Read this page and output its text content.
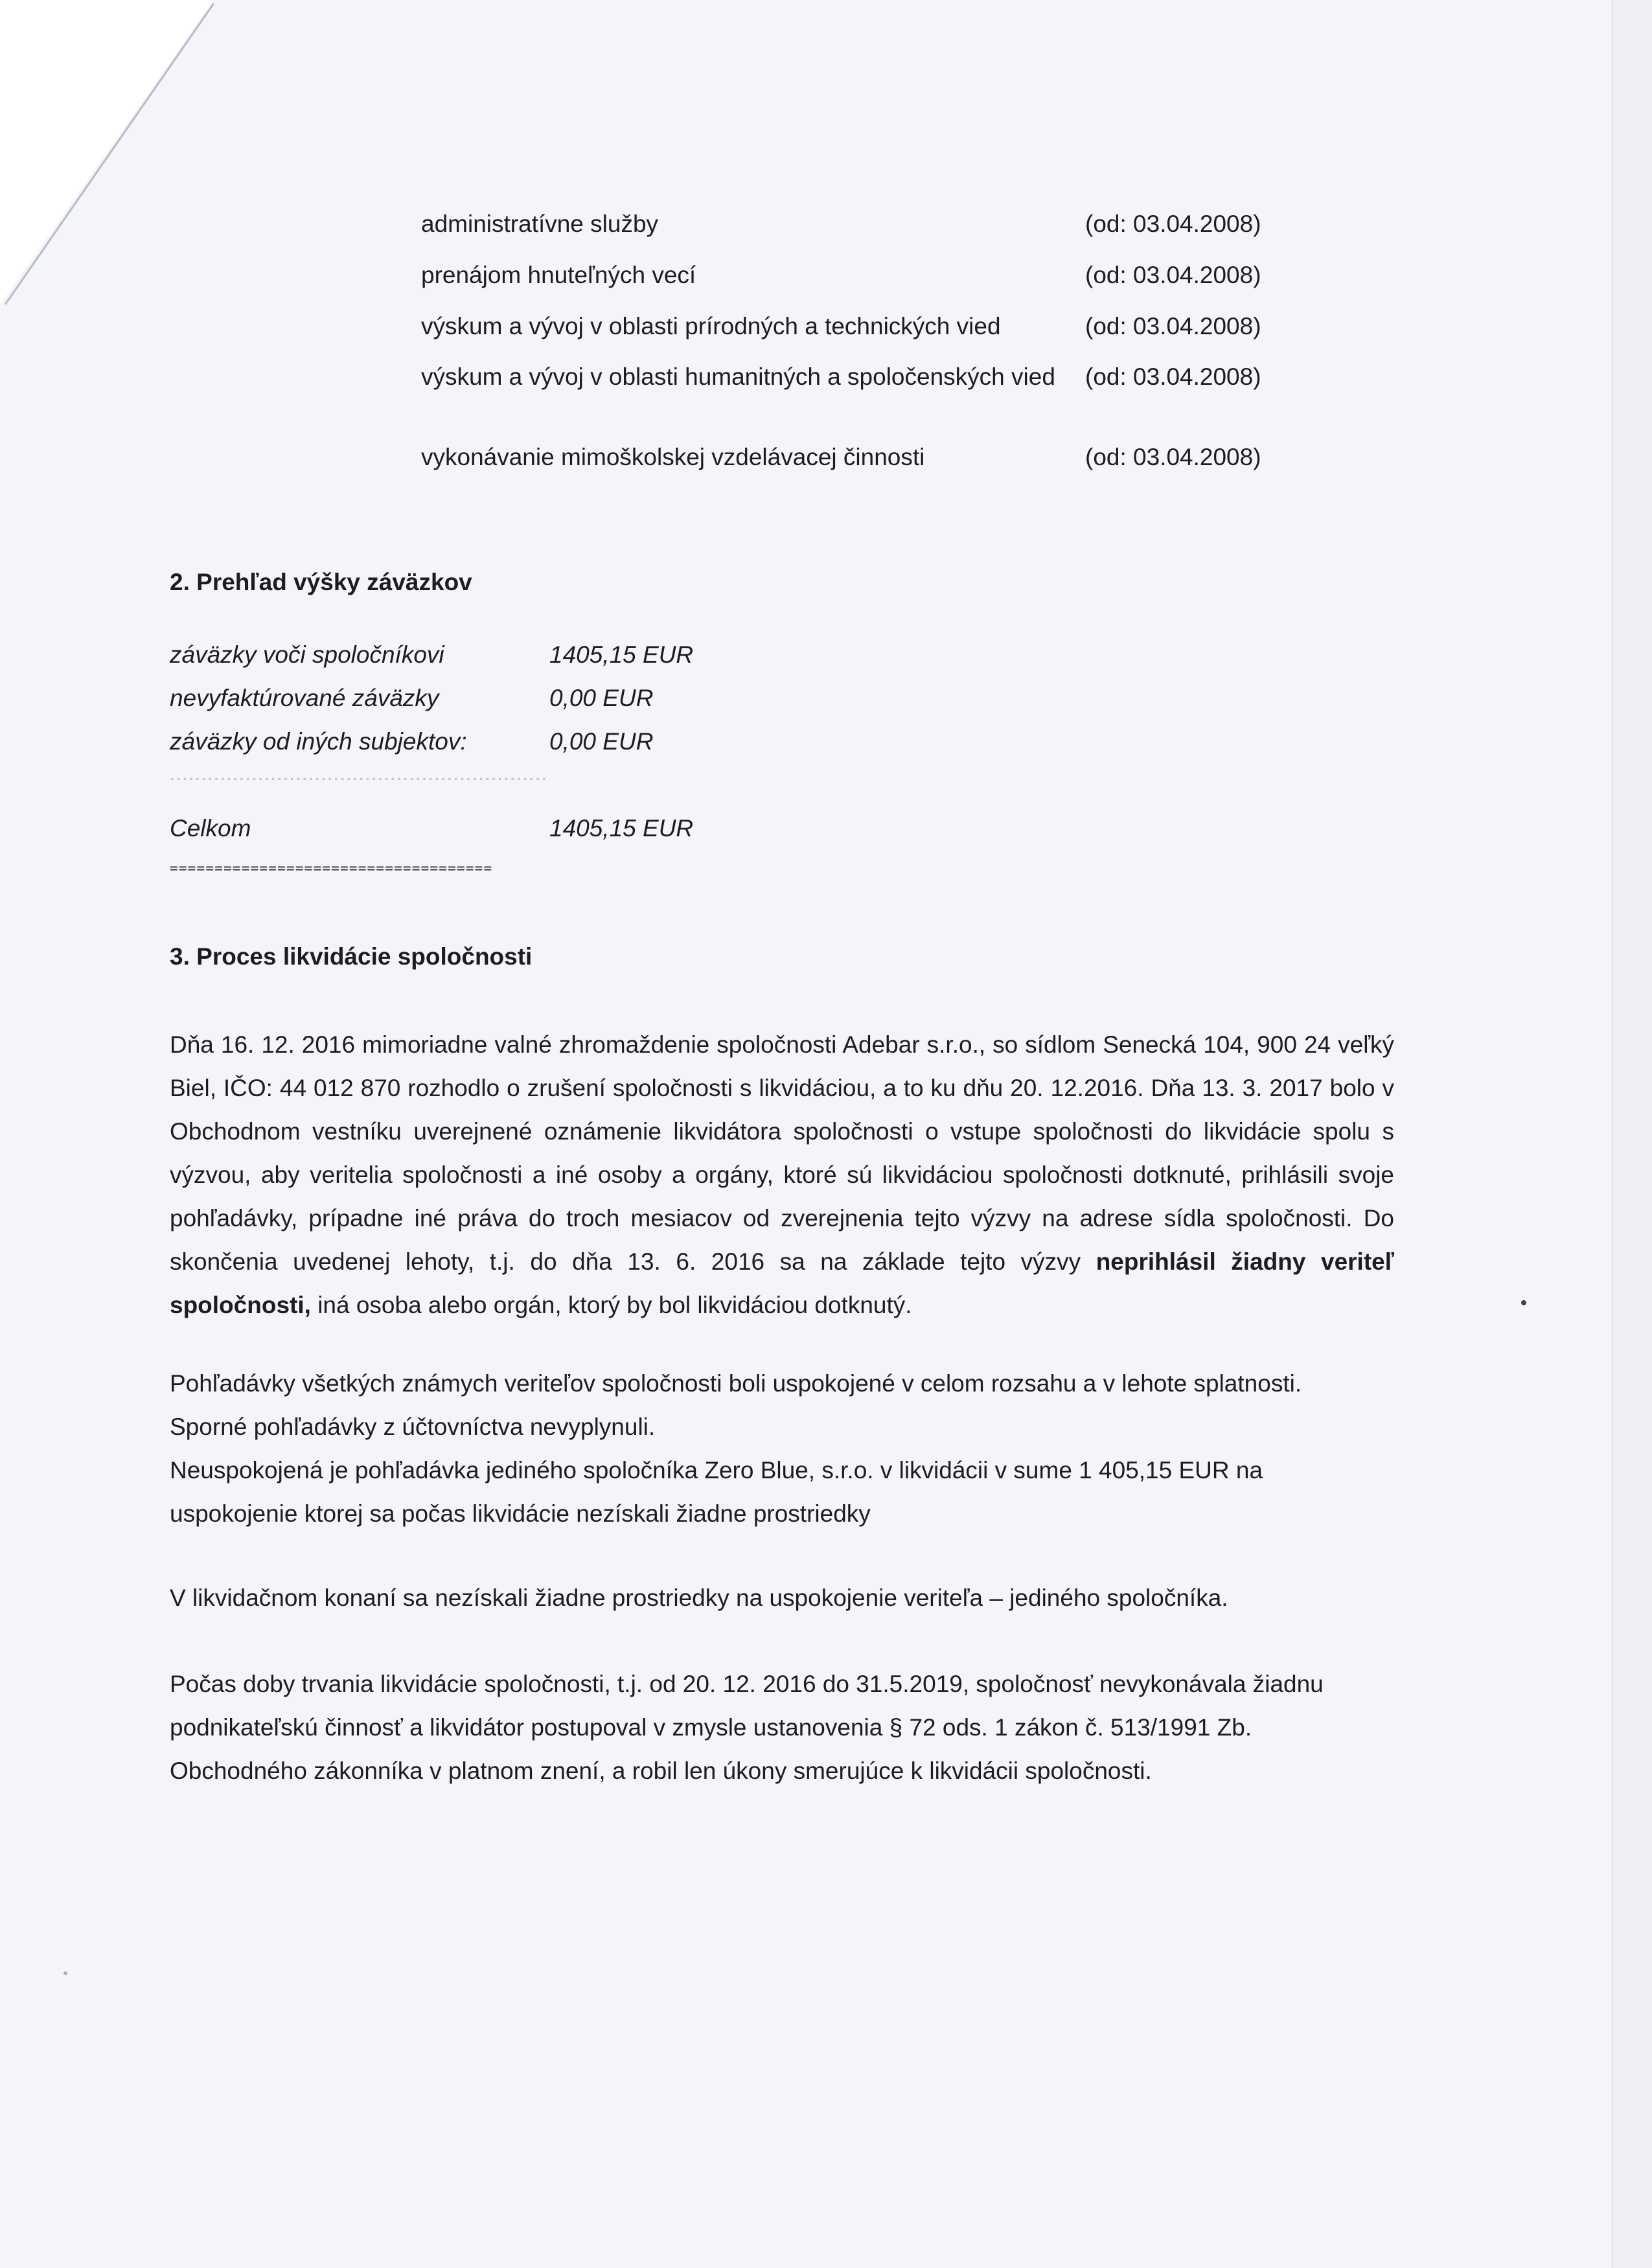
administratívne služby	(od: 03.04.2008)
prenájom hnuteľných vecí	(od: 03.04.2008)
výskum a vývoj v oblasti prírodných a technických vied	(od: 03.04.2008)
výskum a vývoj v oblasti humanitných a spoločenských vied	(od: 03.04.2008)
vykonávanie mimoškolskej vzdelávacej činnosti	(od: 03.04.2008)
2. Prehľad výšky záväzkov
záväzky voči spoločníkovi	1405,15 EUR
nevyfaktúrované záväzky	0,00 EUR
záväzky od iných subjektov:	0,00 EUR
------------------------------------------------------------
Celkom	1405,15 EUR
====================================
3. Proces likvidácie spoločnosti
Dňa 16. 12. 2016 mimoriadne valné zhromaždenie spoločnosti Adebar s.r.o., so sídlom Senecká 104, 900 24 veľký Biel, IČO: 44 012 870 rozhodlo o zrušení spoločnosti s likvidáciou, a to ku dňu 20. 12.2016. Dňa 13. 3. 2017 bolo v Obchodnom vestníku uverejnené oznámenie likvidátora spoločnosti o vstupe spoločnosti do likvidácie spolu s výzvou, aby veritelia spoločnosti a iné osoby a orgány, ktoré sú likvidáciou spoločnosti dotknuté, prihlásili svoje pohľadávky, prípadne iné práva do troch mesiacov od zverejnenia tejto výzvy na adrese sídla spoločnosti. Do skončenia uvedenej lehoty, t.j. do dňa 13. 6. 2016 sa na základe tejto výzvy neprihlásil žiadny veriteľ spoločnosti, iná osoba alebo orgán, ktorý by bol likvidáciou dotknutý.
Pohľadávky všetkých známych veriteľov spoločnosti boli uspokojené v celom rozsahu a v lehote splatnosti.
Sporné pohľadávky z účtovníctva nevyplynuli.
Neuspokojená je pohľadávka jediného spoločníka Zero Blue, s.r.o. v likvidácii v sume 1 405,15 EUR na
uspokojenie ktorej sa počas likvidácie nezískali žiadne prostriedky
V likvidačnom konaní sa nezískali žiadne prostriedky na uspokojenie veriteľa – jediného spoločníka.
Počas doby trvania likvidácie spoločnosti, t.j. od 20. 12. 2016 do 31.5.2019, spoločnosť nevykonávala žiadnu
podnikateľskú činnosť a likvidátor postupoval v zmysle ustanovenia § 72 ods. 1 zákon č. 513/1991 Zb.
Obchodného zákonníka v platnom znení, a robil len úkony smerujúce k likvidácii spoločnosti.
